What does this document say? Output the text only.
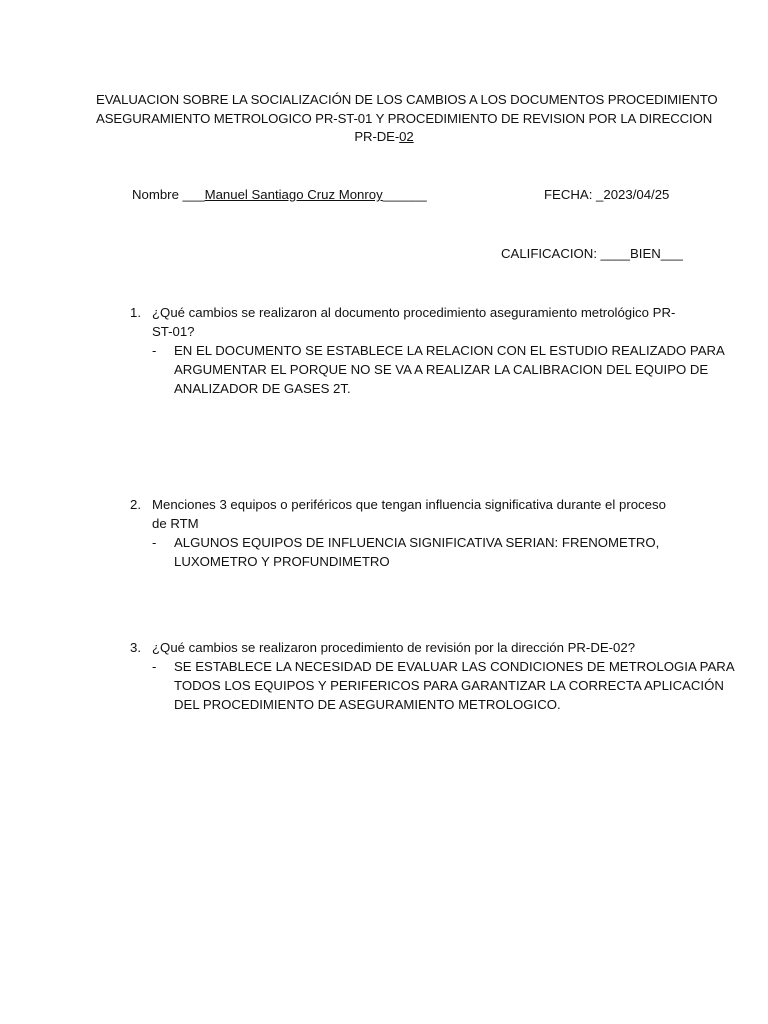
EVALUACION SOBRE LA SOCIALIZACIÓN DE LOS CAMBIOS A LOS DOCUMENTOS PROCEDIMIENTO
ASEGURAMIENTO METROLOGICO PR-ST-01 Y PROCEDIMIENTO DE REVISION POR LA DIRECCION
PR-DE-02
Nombre ___Manuel Santiago Cruz Monroy______	FECHA: _2023/04/25
CALIFICACION: ____BIEN___
1. ¿Qué cambios se realizaron al documento procedimiento aseguramiento metrológico PR-
ST-01?
- EN EL DOCUMENTO SE ESTABLECE LA RELACION CON EL ESTUDIO REALIZADO PARA
ARGUMENTAR EL PORQUE NO SE VA A REALIZAR LA CALIBRACION DEL EQUIPO DE
ANALIZADOR DE GASES 2T.
2. Menciones 3 equipos o periféricos que tengan influencia significativa durante el proceso
de RTM
- ALGUNOS EQUIPOS DE INFLUENCIA SIGNIFICATIVA SERIAN: FRENOMETRO,
LUXOMETRO Y PROFUNDIMETRO
3. ¿Qué cambios se realizaron procedimiento de revisión por la dirección PR-DE-02?
- SE ESTABLECE LA NECESIDAD DE EVALUAR LAS CONDICIONES DE METROLOGIA PARA
TODOS LOS EQUIPOS Y PERIFERICOS PARA GARANTIZAR LA CORRECTA APLICACIÓN
DEL PROCEDIMIENTO DE ASEGURAMIENTO METROLOGICO.
